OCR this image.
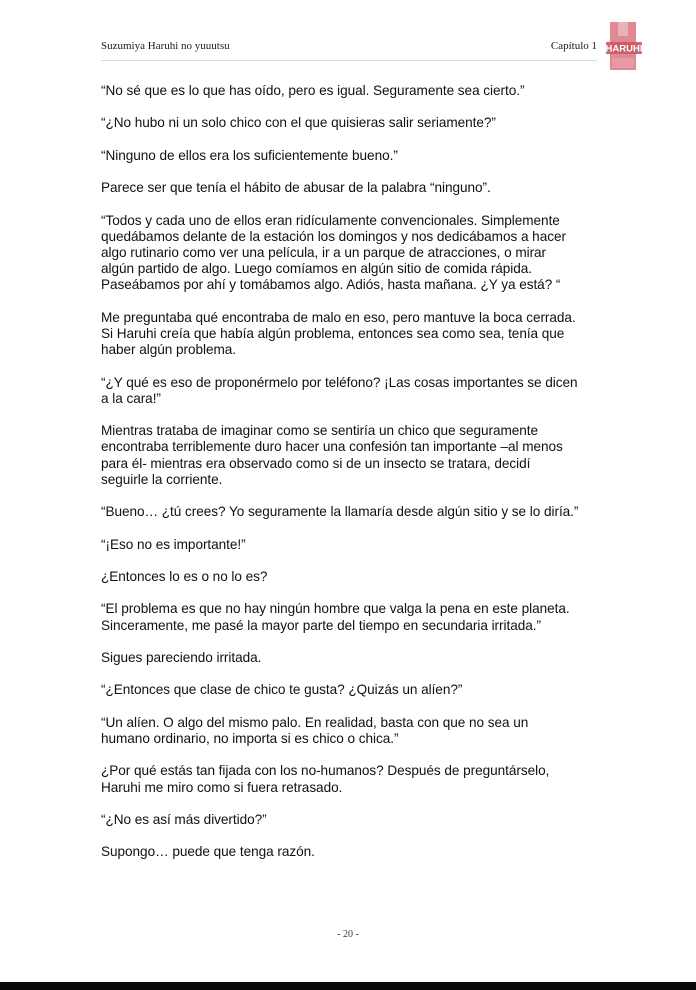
Suzumiya Haruhi no yuuutsu	Capítulo 1 HARUHI

“No sé que es lo que has oído, pero es igual. Seguramente sea cierto.”

“¿No hubo ni un solo chico con el que quisieras salir seriamente?”

“Ninguno de ellos era los suficientemente bueno.”

Parece ser que tenía el hábito de abusar de la palabra “ninguno”.

“Todos y cada uno de ellos eran ridículamente convencionales. Simplemente
quedábamos delante de la estación los domingos y nos dedicábamos a hacer
algo rutinario como ver una película, ir a un parque de atracciones, o mirar
algún partido de algo. Luego comíamos en algún sitio de comida rápida.
Paseábamos por ahí y tomábamos algo. Adiós, hasta mañana. ¿Y ya está? “

Me preguntaba qué encontraba de malo en eso, pero mantuve la boca cerrada.
Si Haruhi creía que había algún problema, entonces sea como sea, tenía que
haber algún problema.

“¿Y qué es eso de proponérmelo por teléfono? ¡Las cosas importantes se dicen
a la cara!”

Mientras trataba de imaginar como se sentiría un chico que seguramente
encontraba terriblemente duro hacer una confesión tan importante –al menos
para él- mientras era observado como si de un insecto se tratara, decidí
seguirle la corriente.

“Bueno… ¿tú crees? Yo seguramente la llamaría desde algún sitio y se lo diría.”

“¡Eso no es importante!”

¿Entonces lo es o no lo es?

“El problema es que no hay ningún hombre que valga la pena en este planeta.
Sinceramente, me pasé la mayor parte del tiempo en secundaria irritada.”

Sigues pareciendo irritada.

“¿Entonces que clase de chico te gusta? ¿Quizás un alíen?”

“Un alíen. O algo del mismo palo. En realidad, basta con que no sea un
humano ordinario, no importa si es chico o chica.”

¿Por qué estás tan fijada con los no-humanos? Después de preguntárselo,
Haruhi me miro como si fuera retrasado.

“¿No es así más divertido?”

Supongo… puede que tenga razón.

- 20 -
